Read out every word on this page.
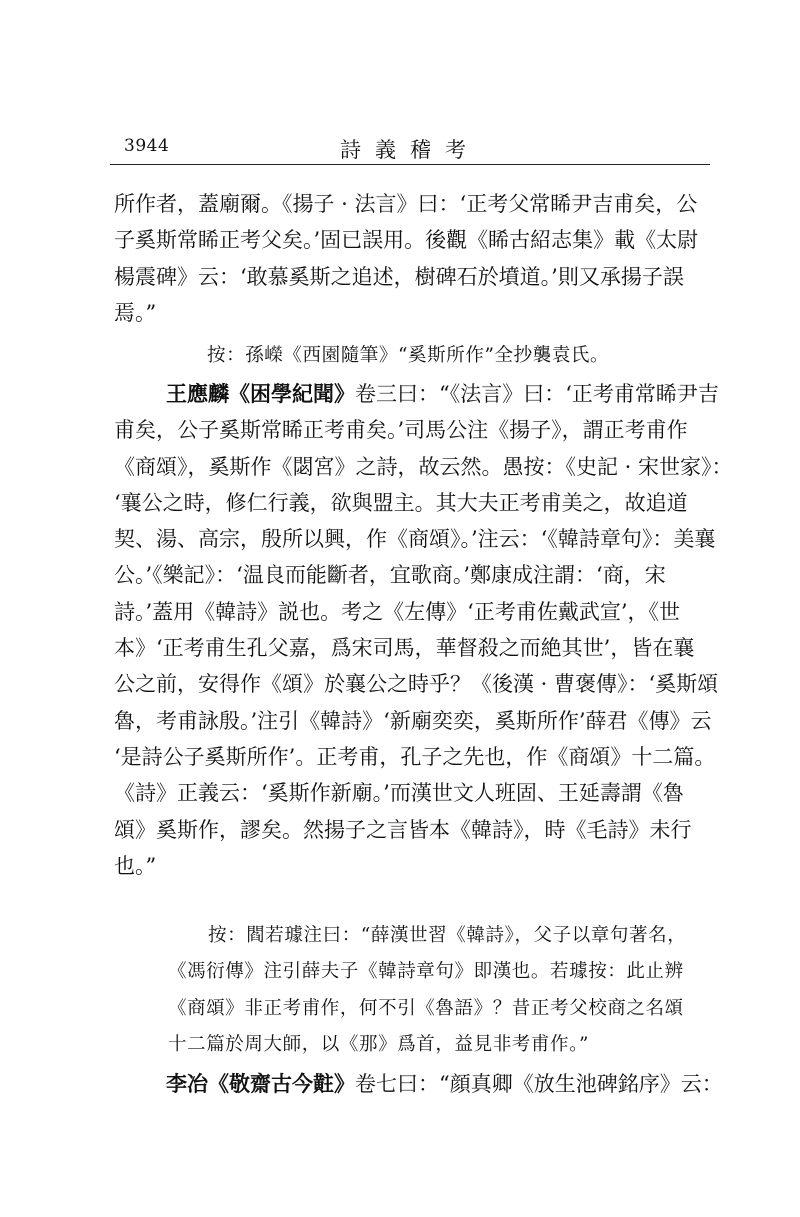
3944	詩義稽考

所作者，蓋廟爾。《揚子 · 法言》曰：‘正考父常睎尹吉甫矣，公
子奚斯常睎正考父矣。’固已誤用。後觀《睎古紹志集》載《太尉
楊震碑》云：‘敢慕奚斯之追述，樹碑石於墳道。’則又承揚子誤
焉。”

按：孫嶸《西園隨筆》“奚斯所作”全抄襲袁氏。

王應麟《困學紀聞》卷三曰：“《法言》曰：‘正考甫常睎尹吉
甫矣，公子奚斯常睎正考甫矣。’司馬公注《揚子》，謂正考甫作
《商頌》，奚斯作《閟宮》之詩，故云然。愚按：《史記 · 宋世家》：
‘襄公之時，修仁行義，欲與盟主。其大夫正考甫美之，故追道
契、湯、高宗，殷所以興，作《商頌》。’注云：‘《韓詩章句》：美襄
公。’《樂記》：‘温良而能斷者，宜歌商。’鄭康成注謂：‘商，宋
詩。’蓋用《韓詩》説也。考之《左傳》‘正考甫佐戴武宣’，《世
本》‘正考甫生孔父嘉，爲宋司馬，華督殺之而絶其世’，皆在襄
公之前，安得作《頌》於襄公之時乎？《後漢 · 曹褒傳》：‘奚斯頌
魯，考甫詠殷。’注引《韓詩》‘新廟奕奕，奚斯所作’薛君《傳》云
‘是詩公子奚斯所作’。正考甫，孔子之先也，作《商頌》十二篇。
《詩》正義云：‘奚斯作新廟。’而漢世文人班固、王延壽謂《魯
頌》奚斯作，謬矣。然揚子之言皆本《韓詩》，時《毛詩》未行
也。”

按：閻若璩注曰：“薛漢世習《韓詩》，父子以章句著名，
《馮衍傳》注引薛夫子《韓詩章句》即漢也。若璩按：此止辨
《商頌》非正考甫作，何不引《魯語》？昔正考父校商之名頌
十二篇於周大師，以《那》爲首，益見非考甫作。”

李冶《敬齋古今黈》卷七曰：“顔真卿《放生池碑銘序》云：
